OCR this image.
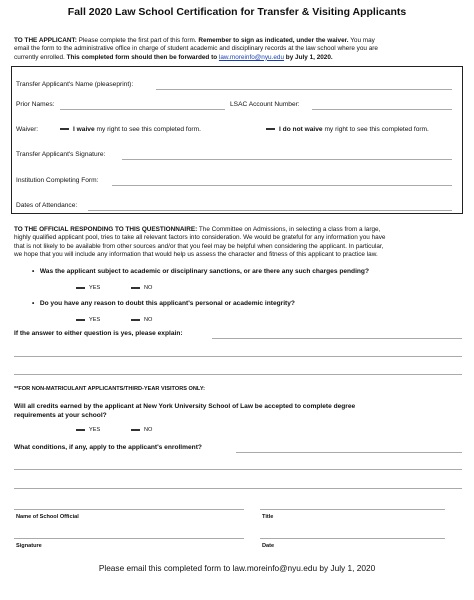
Fall 2020 Law School Certification for Transfer & Visiting Applicants
TO THE APPLICANT: Please complete the first part of this form. Remember to sign as indicated, under the waiver. You may
email the form to the administrative office in charge of student academic and disciplinary records at the law school where you are
currently enrolled. This completed form should then be forwarded to law.moreinfo@nyu.edu by July 1, 2020.
Transfer Applicant's Name (pleaseprint):
Prior Names:	LSAC Account Number:
Waiver:	I waive my right to see this completed form.	I do not waive my right to see this completed form.
Transfer Applicant's Signature:
Institution Completing Form:
Dates of Attendance:
TO THE OFFICIAL RESPONDING TO THIS QUESTIONNAIRE: The Committee on Admissions, in selecting a class from a large,
highly qualified applicant pool, tries to take all relevant factors into consideration. We would be grateful for any information you have
that is not likely to be available from other sources and/or that you feel may be helpful when considering the applicant. In particular,
we hope that you will include any information that would help us assess the character and fitness of this applicant to practice law.
•   Was the applicant subject to academic or disciplinary sanctions, or are there any such charges pending?
YES	NO
•   Do you have any reason to doubt this applicant's personal or academic integrity?
YES	NO
If the answer to either question is yes, please explain:
**FOR NON-MATRICULANT APPLICANTS/THIRD-YEAR VISITORS ONLY:
Will all credits earned by the applicant at New York University School of Law be accepted to complete degree
requirements at your school?
YES	NO
What conditions, if any, apply to the applicant's enrollment?
Name of School Official	Title
Signature	Date
Please email this completed form to law.moreinfo@nyu.edu by July 1, 2020
